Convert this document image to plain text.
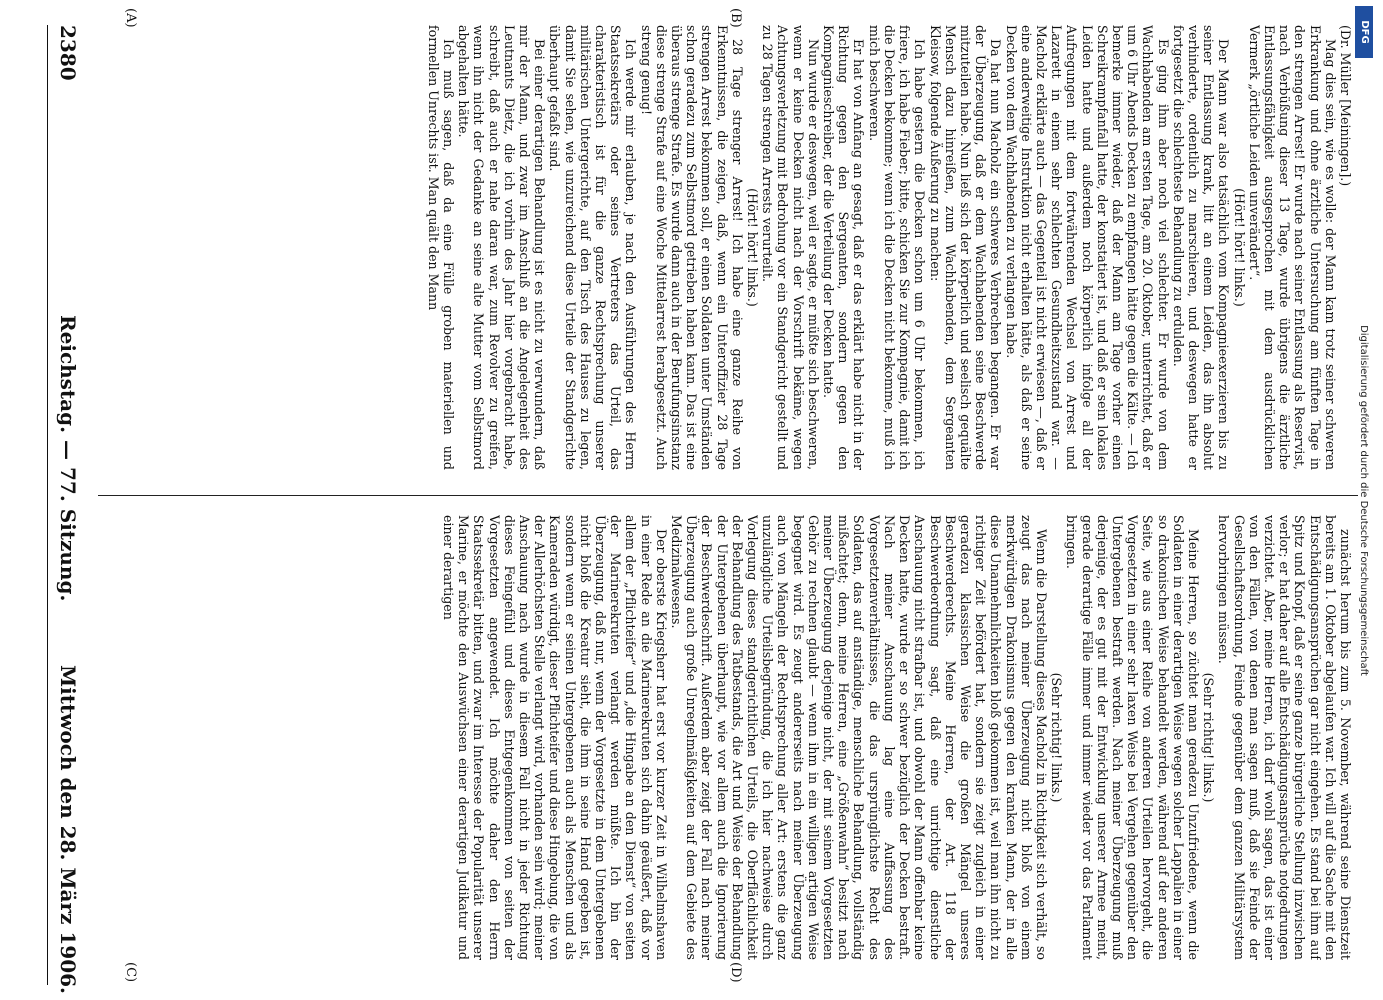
Digitalisierung gefördert durch die Deutsche Forschungsgemeinschaft
DFG

(Dr. Müller [Meiningen].)

Mag dies sein, wie es wolle: der Mann kam trotz seiner schweren Erkrankung und ohne ärztliche Untersuchung am fünften Tage in den strengen Arrest! Er wurde nach seiner Entlassung als Reservist, nach Verbüßung dieser 13 Tage, wurde übrigens die ärztliche Entlassungsfähigkeit ausgesprochen mit dem ausdrücklichen Vermerk „örtliche Leiden unverändert“.

(Hört! hört! links.)

Der Mann war also tatsächlich vom Kompagnieexerzieren bis zu seiner Entlassung krank, litt an einem Leiden, das ihn absolut verhinderte, ordentlich zu marschieren, und deswegen hatte er fortgesetzt die schlechteste Behandlung zu erdulden.

Es ging ihm aber noch viel schlechter. Er wurde von dem Wachhabenden am ersten Tage, am 20. Oktober, unterrichtet, daß er um 6 Uhr Abends Decken zu empfangen hätte gegen die Kälte. — Ich bemerke immer wieder, daß der Mann am Tage vorher einen Schreikrampfanfall hatte, der konstatiert ist, und daß er sein lokales Leiden hatte und außerdem noch körperlich infolge all der Aufregungen mit dem fortwährenden Wechsel von Arrest und Lazarett in einem sehr schlechten Gesundheitszustand war. — Macholz erklärte auch — das Gegenteil ist nicht erwiesen —, daß er eine anderweitige Instruktion nicht erhalten hätte, als daß er seine Decken von dem Wachhabenden zu verlangen habe.

Da hat nun Macholz ein schweres Verbrechen begangen. Er war der Überzeugung, daß er dem Wachhabenden seine Beschwerde mitzuteilen habe. Nun ließ sich der körperlich und seelisch gequälte Mensch dazu hinreißen, zum Wachhabenden, dem Sergeanten Kleisow, folgende Äußerung zu machen:

Ich habe gestern die Decken schon um 6 Uhr bekommen, ich friere, ich habe Fieber; bitte, schicken Sie zur Kompagnie, damit ich die Decken bekomme; wenn ich die Decken nicht bekomme, muß ich mich beschweren.

Er hat von Anfang an gesagt, daß er das erklärt habe nicht in der Richtung gegen den Sergeanten, sondern gegen den Kompagnieschreiber, der die Verteilung der Decken hatte.

Nun wurde er deswegen, weil er sagte, er müßte sich beschweren, wenn er keine Decken nicht nach der Vorschrift bekäme, wegen Achtungsverletzung mit Bedrohung vor ein Standgericht gestellt und zu 28 Tagen strengen Arrests verurteilt.

(Hört! hört! links.)

28 Tage strenger Arrest! Ich habe eine ganze Reihe von Erkenntnissen, die zeigen, daß, wenn ein Unteroffizier 28 Tage strengen Arrest bekommen soll, er einen Soldaten unter Umständen schon geradezu zum Selbstmord getrieben haben kann. Das ist eine überaus strenge Strafe. Es wurde dann auch in der Berufungsinstanz diese strenge Strafe auf eine Woche Mittelarrest herabgesetzt. Auch streng genug!

Ich werde mir erlauben, je nach den Ausführungen des Herrn Staatssekretärs oder seines Vertreters das Urteil, das charakteristisch ist für die ganze Rechtsprechung unserer militärischen Untergerichte, auf den Tisch des Hauses zu legen, damit Sie sehen, wie unzureichend diese Urteile der Standgerichte überhaupt gefaßt sind.

Bei einer derartigen Behandlung ist es nicht zu verwundern, daß mir der Mann, und zwar im Anschluß an die Angelegenheit des Leutnants Dietz, die ich vorhin des Jahr hier vorgebracht habe, schreibt, daß auch er nahe daran war, zum Revolver zu greifen, wenn ihn nicht der Gedanke an seine alte Mutter vom Selbstmord abgehalten hätte.

Ich muß sagen, daß da eine Fülle groben materiellen und formellen Unrechts ist. Man quält den Mann

zunächst herum bis zum 5. November, während seine Dienstzeit bereits am 1. Oktober abgelaufen war. Ich will auf die Sache mit den Entschädigungsansprüchen gar nicht eingehen. Es stand bei ihm auf Spitz und Knopf, daß er seine ganze bürgerliche Stellung inzwischen verlor; er hat daher auf alle Entschädigungsansprüche notgedrungen verzichtet. Aber, meine Herren, ich darf wohl sagen, das ist einer von den Fällen, von denen man sagen muß, daß sie Feinde der Gesellschaftsordnung, Feinde gegenüber dem ganzen Militärsystem hervorbringen müssen.

(Sehr richtig! links.)

Meine Herren, so züchtet man geradezu Unzufriedene, wenn die Soldaten in einer derartigen Weise wegen solcher Lappalien in einer so drakonischen Weise behandelt werden, während auf der anderen Seite, wie aus einer Reihe von anderen Urteilen hervorgeht, die Vorgesetzten in einer sehr laxen Weise bei Vergehen gegenüber den Untergebenen bestraft werden. Nach meiner Überzeugung muß derjenige, der es gut mit der Entwicklung unserer Armee meint, gerade derartige Fälle immer und immer wieder vor das Parlament bringen.

(Sehr richtig! links.)

Wenn die Darstellung dieses Macholz in Richtigkeit sich verhält, so zeugt das nach meiner Überzeugung nicht bloß von einem merkwürdigen Drakonismus gegen den kranken Mann, der in alle diese Unannehmlichkeiten bloß gekommen ist, weil man ihn nicht zu richtiger Zeit befördert hat, sondern sie zeigt zugleich in einer geradezu klassischen Weise die großen Mängel unseres Beschwerderechts. Meine Herren, der Art. 118 der Beschwerdeordnung sagt, daß eine unrichtige dienstliche Anschauung nicht strafbar ist, und obwohl der Mann offenbar keine Decken hatte, wurde er so schwer bezüglich der Decken bestraft. Nach meiner Anschauung lag eine Auffassung des Vorgesetztenverhältnisses, die das ursprünglichste Recht des Soldaten, das auf anständige, menschliche Behandlung, vollständig mißachtet; denn, meine Herren, eine „Größenwahn“ besitzt nach meiner Überzeugung derjenige nicht, der mit seinem Vorgesetzten Gehör zu rechnen glaubt — wenn ihm in ein willigen artigen Weise begegnet wird. Es zeugt andererseits nach meiner Überzeugung auch von Mängeln der Rechtsprechung aller Art: erstens die ganz unzulängliche Urteilsbegründung, die ich hier nachweise durch Vorlegung dieses standgerichtlichen Urteils, die Oberflächlichkeit der Behandlung des Tatbestands, die Art und Weise der Behandlung der Untergebenen überhaupt, wie vor allem auch die Ignorierung der Beschwerdeschrift. Außerdem aber zeigt der Fall nach meiner Überzeugung auch große Unregelmäßigkeiten auf dem Gebiete des Medizinalwesens.

Der oberste Kriegsherr hat erst vor kurzer Zeit in Wilhelmshaven in einer Rede an die Marinerekruten sich dahin geäußert, daß vor allem der „Pflichteifer“ und „die Hingabe an den Dienst“ von seiten der Marinerekruten verlangt werden müßte. Ich bin der Überzeugung, daß nur, wenn der Vorgesetzte in dem Untergebenen nicht bloß die Kreatur sieht, die ihm in seine Hand gegeben ist, sondern wenn er seinen Untergebenen auch als Menschen und als Kameraden würdigt, dieser Pflichteifer und diese Hingebung, die von der Allerhöchsten Stelle verlangt wird, vorhanden sein wird; meiner Anschauung nach wurde in diesem Fall nicht in jeder Richtung dieses Feingefühl und dieses Entgegenkommen von seiten der Vorgesetzten angewendet. Ich möchte daher den Herrn Staatssekretär bitten, und zwar im Interesse der Popularität unserer Marine, er möchte den Auswüchsen einer derartigen Judikatur und einer derartigen

(A)	(B)
(C)	(D)
2380
Reichstag. — 77. Sitzung.
Mittwoch den 28. März 1906.
